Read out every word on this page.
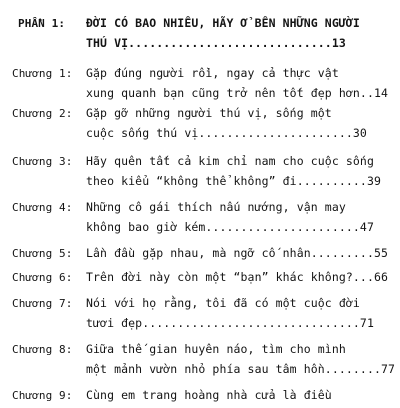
PHẦN 1: ĐỜI CÓ BAO NHIÊU, HÃY Ở BÊN NHỮNG NGƯỜI
THÚ VỊ.............................13
Chương 1: Gặp đúng người rồi, ngay cả thực vật
xung quanh bạn cũng trở nên tốt đẹp hơn..14
Chương 2: Gặp gỡ những người thú vị, sống một
cuộc sống thú vị......................30
Chương 3: Hãy quên tất cả kim chỉ nam cho cuộc sống
theo kiểu “không thể không” đi..........39
Chương 4: Những cô gái thích nấu nướng, vận may
không bao giờ kém......................47
Chương 5: Lần đầu gặp nhau, mà ngỡ cố nhân.........55
Chương 6: Trên đời này còn một “bạn” khác không?...66
Chương 7: Nói với họ rằng, tôi đã có một cuộc đời
tươi đẹp...............................71
Chương 8: Giữa thế gian huyên náo, tìm cho mình
một mảnh vườn nhỏ phía sau tâm hồn........77
Chương 9: Cùng em trang hoàng nhà cửa là điều
